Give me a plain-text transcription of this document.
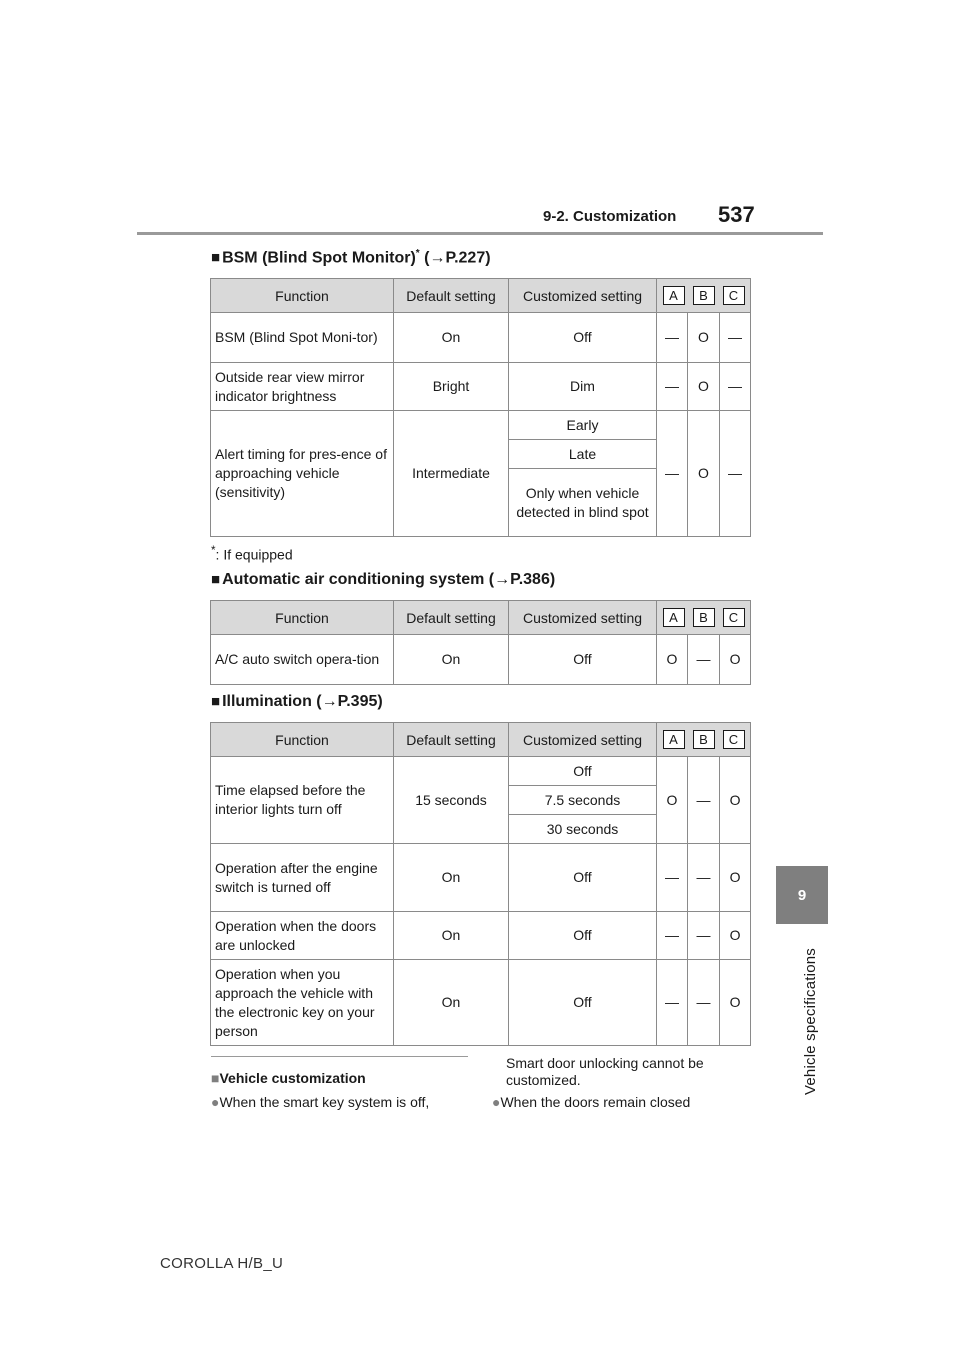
9-2. Customization 537
9
Vehicle specifications
■ BSM (Blind Spot Monitor)* (→P.227)
Function	Default setting	Customized setting	A B C		
BSM (Blind Spot Moni-tor)	On	Off	—	O	—
Outside rear view mirror indicator brightness	Bright	Dim	—	O	—
Alert timing for pres-ence of approaching vehicle (sensitivity)	Intermediate	Early	—	O	—
		Late			
		Only when vehicle detected in blind spot			
*: If equipped
■ Automatic air conditioning system (→P.386)
Function	Default setting	Customized setting	A B C		
A/C auto switch opera-tion	On	Off	O	—	O
■ Illumination (→P.395)
Function	Default setting	Customized setting	A B C		
Time elapsed before the interior lights turn off	15 seconds	Off	O	—	O
		7.5 seconds			
		30 seconds			
Operation after the engine switch is turned off	On	Off	—	—	O
Operation when the doors are unlocked	On	Off	—	—	O
Operation when you approach the vehicle with the electronic key on your person	On	Off	—	—	O
■Vehicle customization
●When the smart key system is off,
Smart door unlocking cannot be customized.
●When the doors remain closed
COROLLA H/B_U
